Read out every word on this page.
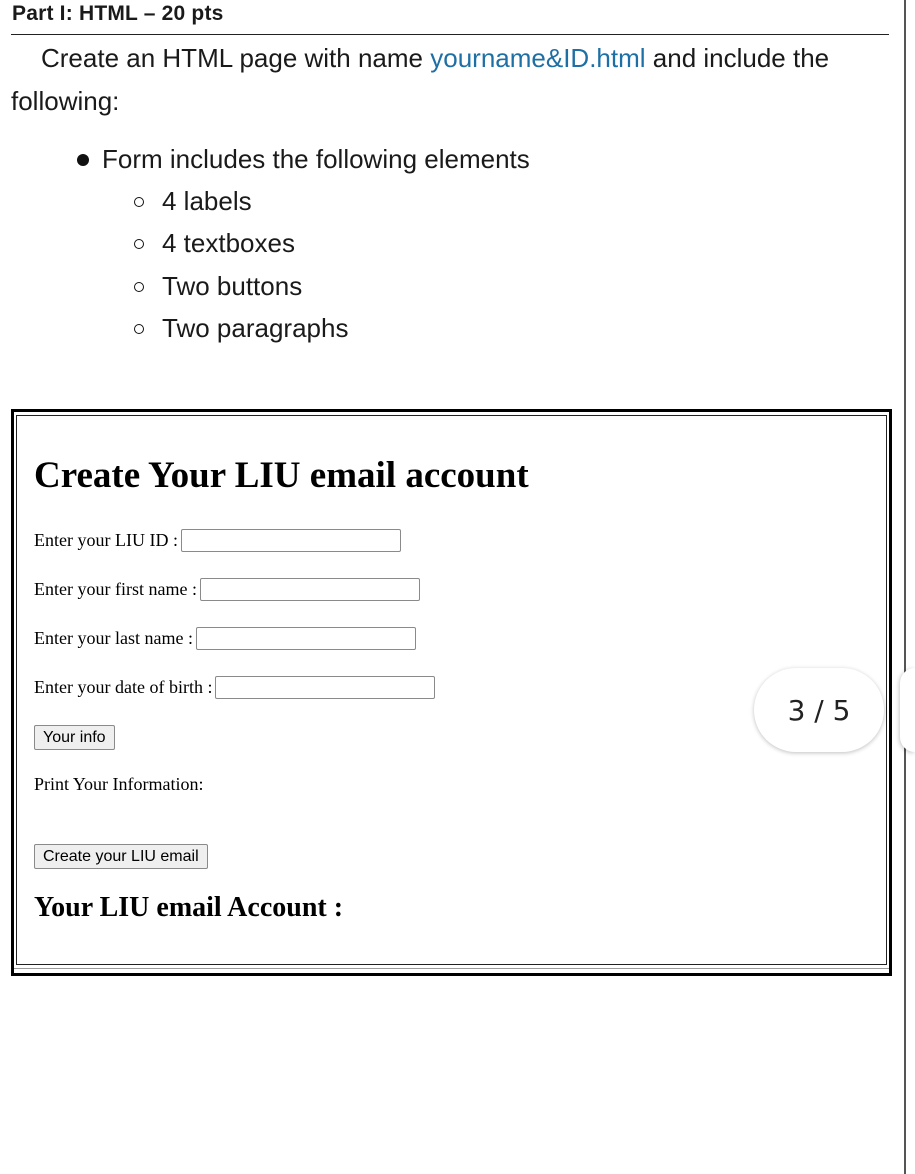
Part I: HTML – 20 pts
Create an HTML page with name yourname&ID.html and include the following:
Form includes the following elements
4 labels
4 textboxes
Two buttons
Two paragraphs
Create Your LIU email account
Enter your LIU ID :
Enter your first name :
Enter your last name :
Enter your date of birth :
Your info
Print Your Information:
Create your LIU email
Your LIU email Account :
3 / 5
